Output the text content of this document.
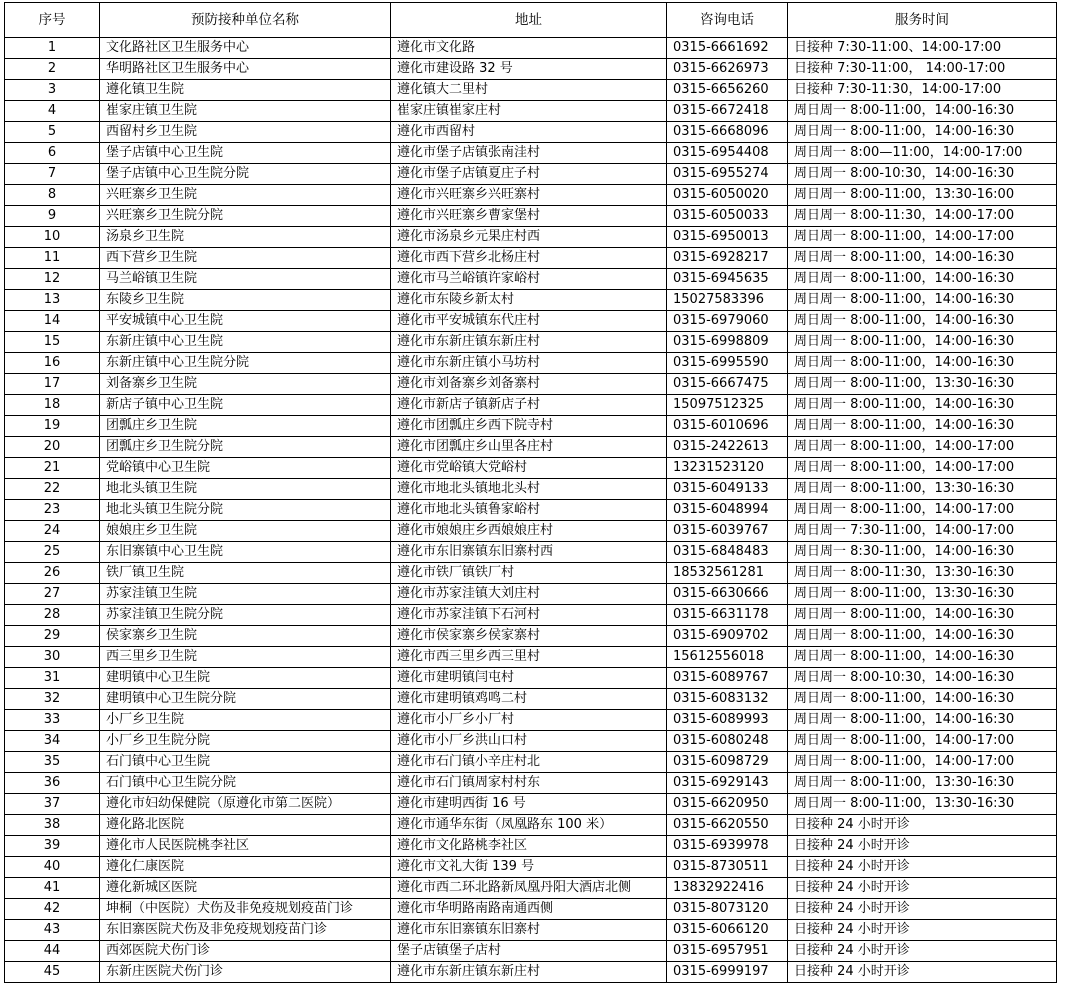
序号	预防接种单位名称	地址	咨询电话	服务时间
1	文化路社区卫生服务中心	遵化市文化路	0315-6661692	日接种 7:30-11:00、14:00-17:00
2	华明路社区卫生服务中心	遵化市建设路 32 号	0315-6626973	日接种 7:30-11:00， 14:00-17:00
3	遵化镇卫生院	遵化镇大二里村	0315-6656260	日接种 7:30-11:30，14:00-17:00
4	崔家庄镇卫生院	崔家庄镇崔家庄村	0315-6672418	周日周一 8:00-11:00，14:00-16:30
5	西留村乡卫生院	遵化市西留村	0315-6668096	周日周一 8:00-11:00，14:00-16:30
6	堡子店镇中心卫生院	遵化市堡子店镇张南洼村	0315-6954408	周日周一 8:00—11:00，14:00-17:00
7	堡子店镇中心卫生院分院	遵化市堡子店镇夏庄子村	0315-6955274	周日周一 8:00-10:30，14:00-16:30
8	兴旺寨乡卫生院	遵化市兴旺寨乡兴旺寨村	0315-6050020	周日周一 8:00-11:00，13:30-16:00
9	兴旺寨乡卫生院分院	遵化市兴旺寨乡曹家堡村	0315-6050033	周日周一 8:00-11:30，14:00-17:00
10	汤泉乡卫生院	遵化市汤泉乡元果庄村西	0315-6950013	周日周一 8:00-11:00，14:00-17:00
11	西下营乡卫生院	遵化市西下营乡北杨庄村	0315-6928217	周日周一 8:00-11:00，14:00-16:30
12	马兰峪镇卫生院	遵化市马兰峪镇许家峪村	0315-6945635	周日周一 8:00-11:00，14:00-16:30
13	东陵乡卫生院	遵化市东陵乡新太村	15027583396	周日周一 8:00-11:00，14:00-16:30
14	平安城镇中心卫生院	遵化市平安城镇东代庄村	0315-6979060	周日周一 8:00-11:00，14:00-16:30
15	东新庄镇中心卫生院	遵化市东新庄镇东新庄村	0315-6998809	周日周一 8:00-11:00，14:00-16:30
16	东新庄镇中心卫生院分院	遵化市东新庄镇小马坊村	0315-6995590	周日周一 8:00-11:00，14:00-16:30
17	刘备寨乡卫生院	遵化市刘备寨乡刘备寨村	0315-6667475	周日周一 8:00-11:00，13:30-16:30
18	新店子镇中心卫生院	遵化市新店子镇新店子村	15097512325	周日周一 8:00-11:00，14:00-16:30
19	团瓢庄乡卫生院	遵化市团瓢庄乡西下院寺村	0315-6010696	周日周一 8:00-11:00，14:00-16:30
20	团瓢庄乡卫生院分院	遵化市团瓢庄乡山里各庄村	0315-2422613	周日周一 8:00-11:00，14:00-17:00
21	党峪镇中心卫生院	遵化市党峪镇大党峪村	13231523120	周日周一 8:00-11:00，14:00-17:00
22	地北头镇卫生院	遵化市地北头镇地北头村	0315-6049133	周日周一 8:00-11:00，13:30-16:30
23	地北头镇卫生院分院	遵化市地北头镇鲁家峪村	0315-6048994	周日周一 8:00-11:00，14:00-17:00
24	娘娘庄乡卫生院	遵化市娘娘庄乡西娘娘庄村	0315-6039767	周日周一 7:30-11:00，14:00-17:00
25	东旧寨镇中心卫生院	遵化市东旧寨镇东旧寨村西	0315-6848483	周日周一 8:30-11:00，14:00-16:30
26	铁厂镇卫生院	遵化市铁厂镇铁厂村	18532561281	周日周一 8:00-11:30，13:30-16:30
27	苏家洼镇卫生院	遵化市苏家洼镇大刘庄村	0315-6630666	周日周一 8:00-11:00，13:30-16:30
28	苏家洼镇卫生院分院	遵化市苏家洼镇下石河村	0315-6631178	周日周一 8:00-11:00，14:00-16:30
29	侯家寨乡卫生院	遵化市侯家寨乡侯家寨村	0315-6909702	周日周一 8:00-11:00，14:00-16:30
30	西三里乡卫生院	遵化市西三里乡西三里村	15612556018	周日周一 8:00-11:00，14:00-16:30
31	建明镇中心卫生院	遵化市建明镇闫屯村	0315-6089767	周日周一 8:00-10:30，14:00-16:30
32	建明镇中心卫生院分院	遵化市建明镇鸡鸣二村	0315-6083132	周日周一 8:00-11:00，14:00-16:30
33	小厂乡卫生院	遵化市小厂乡小厂村	0315-6089993	周日周一 8:00-11:00，14:00-16:30
34	小厂乡卫生院分院	遵化市小厂乡洪山口村	0315-6080248	周日周一 8:00-11:00，14:00-17:00
35	石门镇中心卫生院	遵化市石门镇小辛庄村北	0315-6098729	周日周一 8:00-11:00，14:00-17:00
36	石门镇中心卫生院分院	遵化市石门镇周家村村东	0315-6929143	周日周一 8:00-11:00，13:30-16:30
37	遵化市妇幼保健院（原遵化市第二医院）	遵化市建明西街 16 号	0315-6620950	周日周一 8:00-11:00，13:30-16:30
38	遵化路北医院	遵化市通华东街（凤凰路东 100 米）	0315-6620550	日接种 24 小时开诊
39	遵化市人民医院桃李社区	遵化市文化路桃李社区	0315-6939978	日接种 24 小时开诊
40	遵化仁康医院	遵化市文礼大街 139 号	0315-8730511	日接种 24 小时开诊
41	遵化新城区医院	遵化市西二环北路新凤凰丹阳大酒店北侧	13832922416	日接种 24 小时开诊
42	坤桐（中医院）犬伤及非免疫规划疫苗门诊	遵化市华明路南路南通西侧	0315-8073120	日接种 24 小时开诊
43	东旧寨医院犬伤及非免疫规划疫苗门诊	遵化市东旧寨镇东旧寨村	0315-6066120	日接种 24 小时开诊
44	西郊医院犬伤门诊	堡子店镇堡子店村	0315-6957951	日接种 24 小时开诊
45	东新庄医院犬伤门诊	遵化市东新庄镇东新庄村	0315-6999197	日接种 24 小时开诊
